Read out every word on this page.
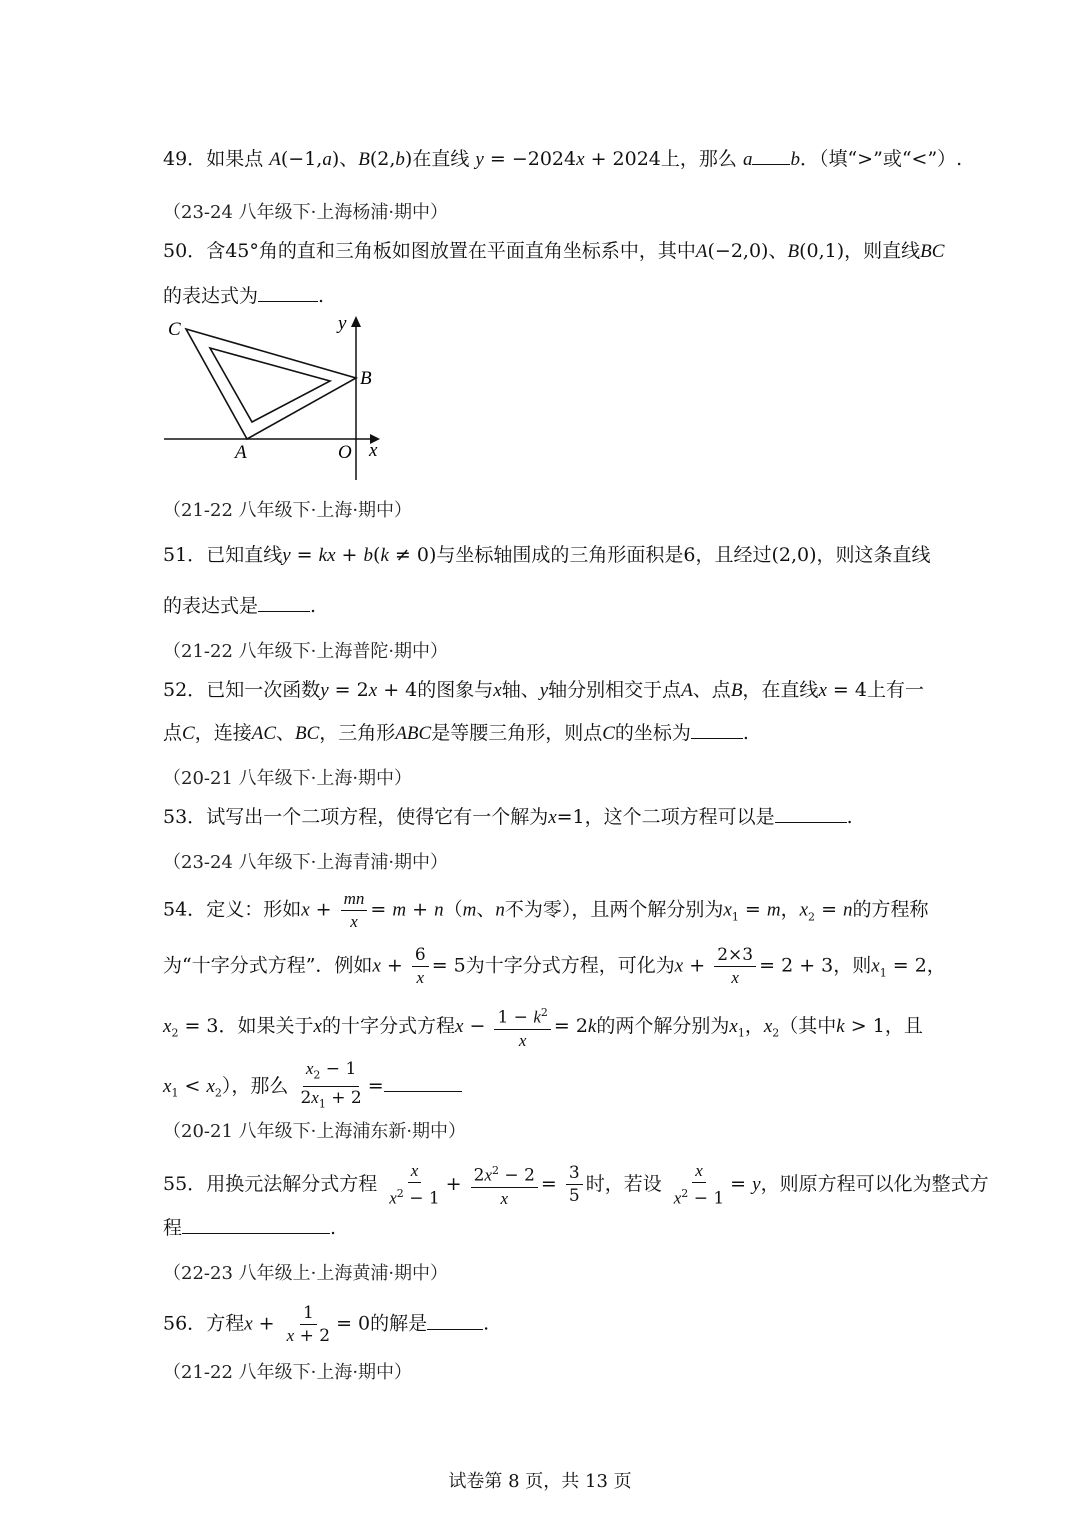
49．如果点 A(−1,a)、B(2,b)在直线 y = −2024x + 2024上，那么 a b．（填“>”或“<”）.
（23-24 八年级下·上海杨浦·期中）
50．含45°角的直和三角板如图放置在平面直角坐标系中，其中A(−2,0)、B(0,1)，则直线BC
的表达式为	.
C	y
B
A	O x
（21-22 八年级下·上海·期中）
51．已知直线y = kx + b(k ≠ 0)与坐标轴围成的三角形面积是6，且经过(2,0)，则这条直线
的表达式是	.
（21-22 八年级下·上海普陀·期中）
52．已知一次函数y = 2x + 4的图象与x轴、y轴分别相交于点A、点B，在直线x = 4上有一
点C，连接AC、BC，三角形ABC是等腰三角形，则点C的坐标为	.
（20-21 八年级下·上海·期中）
53．试写出一个二项方程，使得它有一个解为x=1，这个二项方程可以是	.
（23-24 八年级下·上海青浦·期中）
54．定义：形如$x + \frac{mn}{x} = m + n(m$、n不为零），且两个解分别为$x_1 = m$，$x_2 = n$的方程称
为“十字分式方程”．例如$x + \frac{6}{x} = 5$为十字分式方程，可化为$x + \frac{2\times 3}{x} = 2 + 3$，则$x_1 = 2$，
$x_2 = 3$．如果关于x的十字分式方程$x - \frac{1 - k^2}{x} = 2k$的两个解分别为$x_1$，$x_2$（其中k > 1，且
$x_1 < x_2$），那么 $\frac{x_2 - 1}{2x_1 + 2}$ =
（20-21 八年级下·上海浦东新·期中）
55．用换元法解分式方程 $\frac{x}{x^2 - 1} + \frac{2x^2 - 2}{x} = \frac{3}{5}$ 时，若设 $\frac{x}{x^2 - 1} = y$，则原方程可以化为整式方
程	.
（22-23 八年级上·上海黄浦·期中）
56．方程$x + \frac{1}{x + 2} = 0$的解是	.
（21-22 八年级下·上海·期中）
试卷第 8 页，共 13 页
